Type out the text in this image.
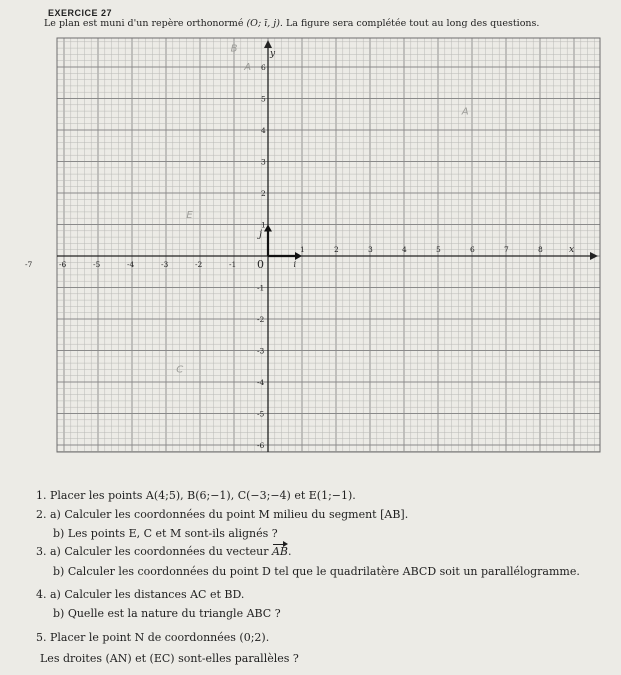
EXERCICE 27
Le plan est muni d'un repère orthonormé (O; ī, j). La figure sera complétée tout au long des questions.
-7	-6	-5	-4	-3	-2	-1 0
1	2	3	4	5	6	7	8
6
5
4
3
2
1
-1
-2
-3
-4
-5
-6
x
y
i
j
B
A
A
E
C
1. Placer les points A(4;5), B(6;−1), C(−3;−4) et E(1;−1).
2. a) Calculer les coordonnées du point M milieu du segment [AB].
b) Les points E, C et M sont-ils alignés ?
3. a) Calculer les coordonnées du vecteur AB.
b) Calculer les coordonnées du point D tel que le quadrilatère ABCD soit un parallélogramme.
4. a) Calculer les distances AC et BD.
b) Quelle est la nature du triangle ABC ?
5. Placer le point N de coordonnées (0;2).
Les droites (AN) et (EC) sont-elles parallèles ?
